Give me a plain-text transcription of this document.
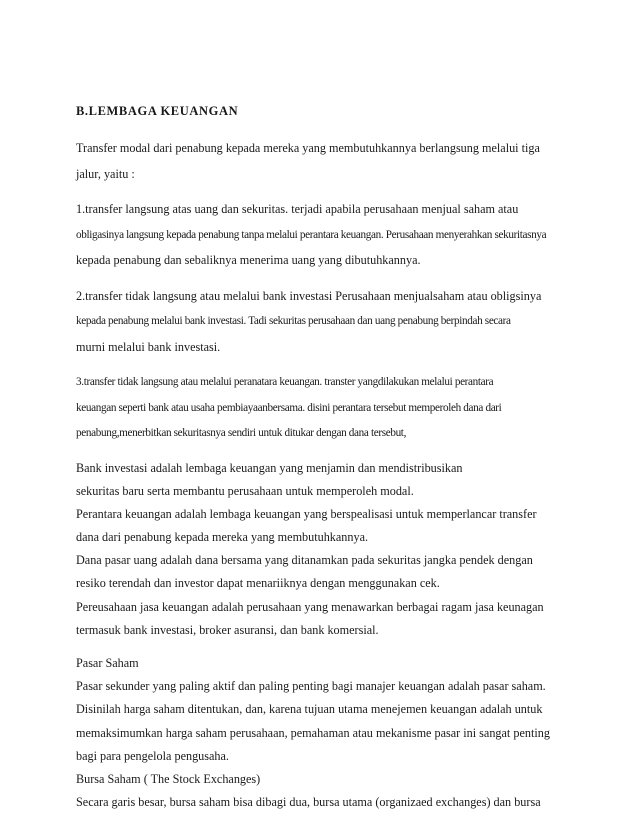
B.LEMBAGA KEUANGAN
Transfer modal dari penabung kepada mereka yang membutuhkannya berlangsung melalui tiga
jalur, yaitu :
1.transfer langsung atas uang dan sekuritas. terjadi apabila perusahaan menjual saham atau
obligasinya langsung kepada penabung tanpa melalui perantara keuangan. Perusahaan menyerahkan sekuritasnya
kepada penabung dan sebaliknya menerima uang yang dibutuhkannya.
2.transfer tidak langsung atau melalui bank investasi Perusahaan menjualsaham atau obligsinya
kepada penabung melalui bank investasi. Tadi sekuritas perusahaan dan uang penabung berpindah secara
murni melalui bank investasi.
3.transfer tidak langsung atau melalui peranatara keuangan. transter yangdilakukan melalui perantara
keuangan seperti bank atau usaha pembiayaanbersama. disini perantara tersebut memperoleh dana dari
penabung,menerbitkan sekuritasnya sendiri untuk ditukar dengan dana tersebut,
Bank investasi adalah lembaga keuangan yang menjamin dan mendistribusikan
sekuritas baru serta membantu perusahaan untuk memperoleh modal.
Perantara keuangan adalah lembaga keuangan yang berspealisasi untuk memperlancar transfer
dana dari penabung kepada mereka yang membutuhkannya.
Dana pasar uang adalah dana bersama yang ditanamkan pada sekuritas jangka pendek dengan
resiko terendah dan investor dapat menariiknya dengan menggunakan cek.
Pereusahaan jasa keuangan adalah perusahaan yang menawarkan berbagai ragam jasa keunagan
termasuk bank investasi, broker asuransi, dan bank komersial.
Pasar Saham
Pasar sekunder yang paling aktif dan paling penting bagi manajer keuangan adalah pasar saham.
Disinilah harga saham ditentukan, dan, karena tujuan utama menejemen keuangan adalah untuk
memaksimumkan harga saham perusahaan, pemahaman atau mekanisme pasar ini sangat penting
bagi para pengelola pengusaha.
Bursa Saham ( The Stock Exchanges)
Secara garis besar, bursa saham bisa dibagi dua, bursa utama (organizaed exchanges) dan bursa
